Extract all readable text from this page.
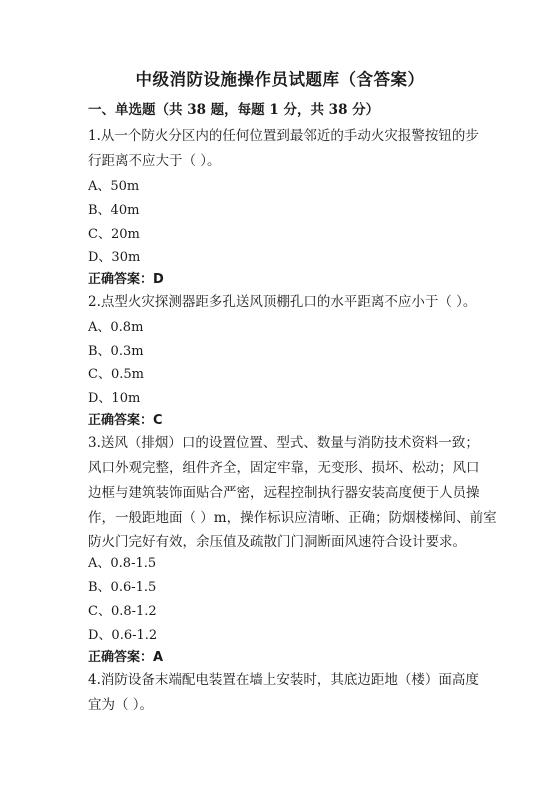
中级消防设施操作员试题库（含答案）
一、单选题（共 38 题，每题 1 分，共 38 分）
1.从一个防火分区内的任何位置到最邻近的手动火灾报警按钮的步
行距离不应大于（ ）。
A、50m
B、40m
C、20m
D、30m
正确答案：D
2.点型火灾探测器距多孔送风顶棚孔口的水平距离不应小于（ ）。
A、0.8m
B、0.3m
C、0.5m
D、10m
正确答案：C
3.送风（排烟）口的设置位置、型式、数量与消防技术资料一致；
风口外观完整，组件齐全，固定牢靠，无变形、损坏、松动；风口
边框与建筑装饰面贴合严密，远程控制执行器安装高度便于人员操
作，一般距地面（ ）m，操作标识应清晰、正确；防烟楼梯间、前室
防火门完好有效，余压值及疏散门门洞断面风速符合设计要求。
A、0.8-1.5
B、0.6-1.5
C、0.8-1.2
D、0.6-1.2
正确答案：A
4.消防设备末端配电装置在墙上安装时，其底边距地（楼）面高度
宜为（ ）。
